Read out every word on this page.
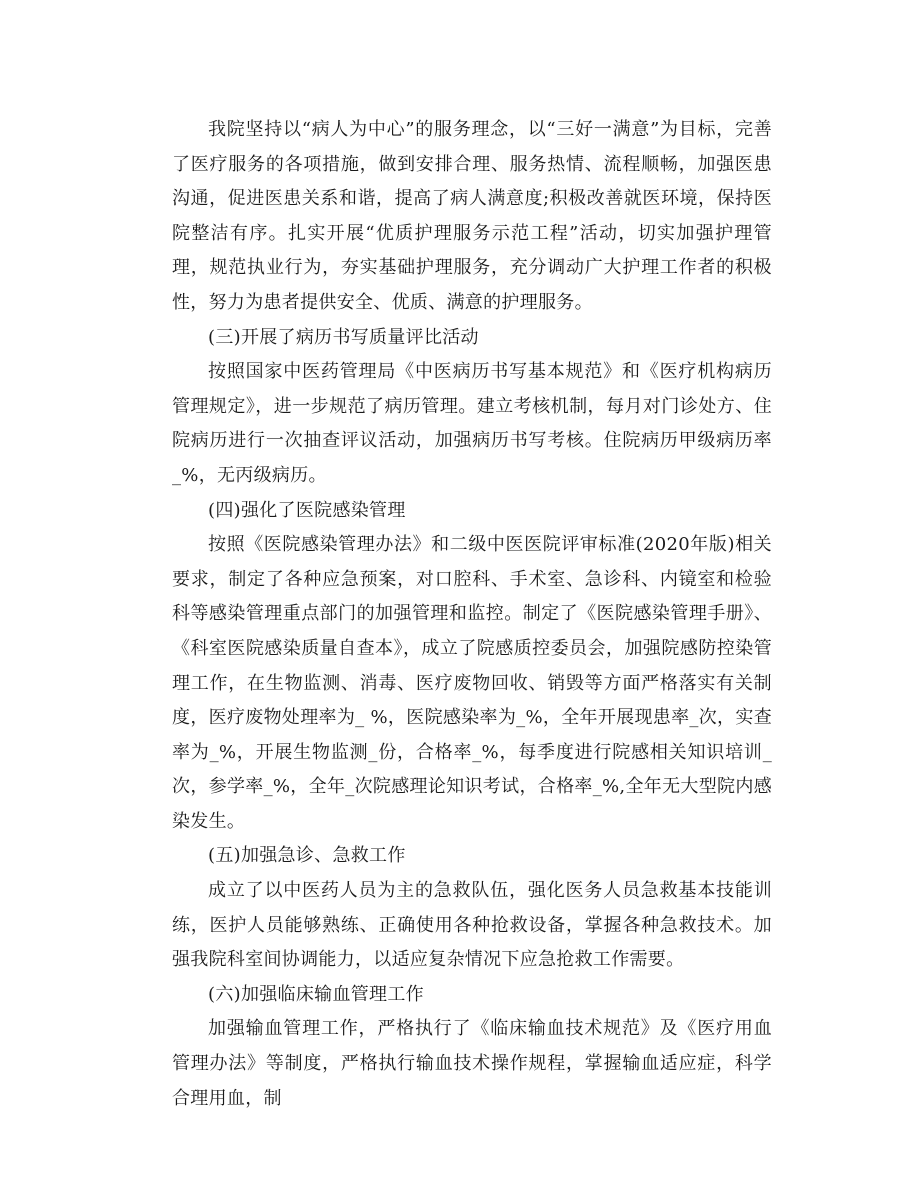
我院坚持以“病人为中心”的服务理念，以“三好一满意”为目标，完善了医疗服务的各项措施，做到安排合理、服务热情、流程顺畅，加强医患沟通，促进医患关系和谐，提高了病人满意度;积极改善就医环境，保持医院整洁有序。扎实开展“优质护理服务示范工程”活动，切实加强护理管理，规范执业行为，夯实基础护理服务，充分调动广大护理工作者的积极性，努力为患者提供安全、优质、满意的护理服务。

(三)开展了病历书写质量评比活动

按照国家中医药管理局《中医病历书写基本规范》和《医疗机构病历管理规定》，进一步规范了病历管理。建立考核机制，每月对门诊处方、住院病历进行一次抽查评议活动，加强病历书写考核。住院病历甲级病历率_%，无丙级病历。

(四)强化了医院感染管理

按照《医院感染管理办法》和二级中医医院评审标准(2020年版)相关要求，制定了各种应急预案，对口腔科、手术室、急诊科、内镜室和检验科等感染管理重点部门的加强管理和监控。制定了《医院感染管理手册》、《科室医院感染质量自查本》，成立了院感质控委员会，加强院感防控染管理工作，在生物监测、消毒、医疗废物回收、销毁等方面严格落实有关制度，医疗废物处理率为_ %，医院感染率为_%，全年开展现患率_次，实查率为_%，开展生物监测_份，合格率_%，每季度进行院感相关知识培训_次，参学率_%，全年_次院感理论知识考试，合格率_%,全年无大型院内感染发生。

(五)加强急诊、急救工作

成立了以中医药人员为主的急救队伍，强化医务人员急救基本技能训练，医护人员能够熟练、正确使用各种抢救设备，掌握各种急救技术。加强我院科室间协调能力，以适应复杂情况下应急抢救工作需要。

(六)加强临床输血管理工作

加强输血管理工作，严格执行了《临床输血技术规范》及《医疗用血管理办法》等制度，严格执行输血技术操作规程，掌握输血适应症，科学合理用血，制
